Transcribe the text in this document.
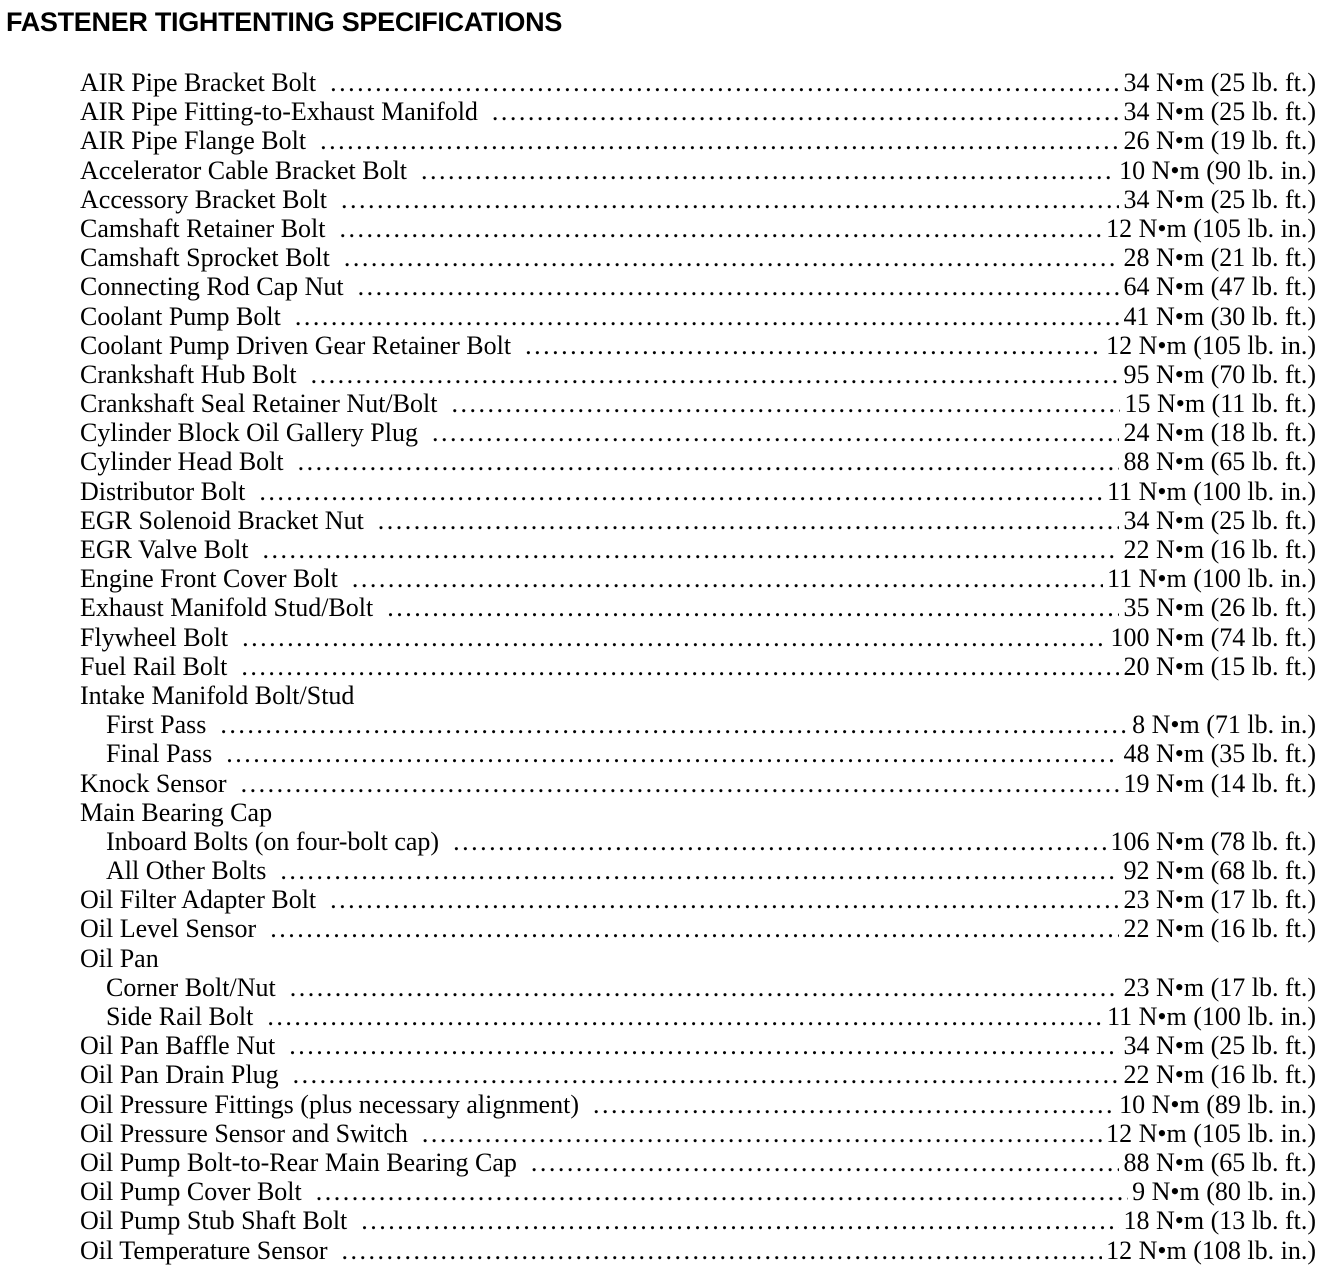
FASTENER TIGHTENTING SPECIFICATIONS
AIR Pipe Bracket Bolt . . .	34 N•m (25 lb. ft.)
AIR Pipe Fitting-to-Exhaust Manifold . . .	34 N•m (25 lb. ft.)
AIR Pipe Flange Bolt . . .	26 N•m (19 lb. ft.)
Accelerator Cable Bracket Bolt . . .	10 N•m (90 lb. in.)
Accessory Bracket Bolt . . .	34 N•m (25 lb. ft.)
Camshaft Retainer Bolt . . .	12 N•m (105 lb. in.)
Camshaft Sprocket Bolt . . .	28 N•m (21 lb. ft.)
Connecting Rod Cap Nut . . .	64 N•m (47 lb. ft.)
Coolant Pump Bolt . . .	41 N•m (30 lb. ft.)
Coolant Pump Driven Gear Retainer Bolt . . .	12 N•m (105 lb. in.)
Crankshaft Hub Bolt . . .	95 N•m (70 lb. ft.)
Crankshaft Seal Retainer Nut/Bolt . . .	15 N•m (11 lb. ft.)
Cylinder Block Oil Gallery Plug . . .	24 N•m (18 lb. ft.)
Cylinder Head Bolt . . .	88 N•m (65 lb. ft.)
Distributor Bolt . . .	11 N•m (100 lb. in.)
EGR Solenoid Bracket Nut . . .	34 N•m (25 lb. ft.)
EGR Valve Bolt . . .	22 N•m (16 lb. ft.)
Engine Front Cover Bolt . . .	11 N•m (100 lb. in.)
Exhaust Manifold Stud/Bolt . . .	35 N•m (26 lb. ft.)
Flywheel Bolt . . .	100 N•m (74 lb. ft.)
Fuel Rail Bolt . . .	20 N•m (15 lb. ft.)
Intake Manifold Bolt/Stud
First Pass . . .	8 N•m (71 lb. in.)
Final Pass . . .	48 N•m (35 lb. ft.)
Knock Sensor . . .	19 N•m (14 lb. ft.)
Main Bearing Cap
Inboard Bolts (on four-bolt cap) . . .	106 N•m (78 lb. ft.)
All Other Bolts . . .	92 N•m (68 lb. ft.)
Oil Filter Adapter Bolt . . .	23 N•m (17 lb. ft.)
Oil Level Sensor . . .	22 N•m (16 lb. ft.)
Oil Pan
Corner Bolt/Nut . . .	23 N•m (17 lb. ft.)
Side Rail Bolt . . .	11 N•m (100 lb. in.)
Oil Pan Baffle Nut . . .	34 N•m (25 lb. ft.)
Oil Pan Drain Plug . . .	22 N•m (16 lb. ft.)
Oil Pressure Fittings (plus necessary alignment) . . .	10 N•m (89 lb. in.)
Oil Pressure Sensor and Switch . . .	12 N•m (105 lb. in.)
Oil Pump Bolt-to-Rear Main Bearing Cap . . .	88 N•m (65 lb. ft.)
Oil Pump Cover Bolt . . .	9 N•m (80 lb. in.)
Oil Pump Stub Shaft Bolt . . .	18 N•m (13 lb. ft.)
Oil Temperature Sensor . . .	12 N•m (108 lb. in.)
